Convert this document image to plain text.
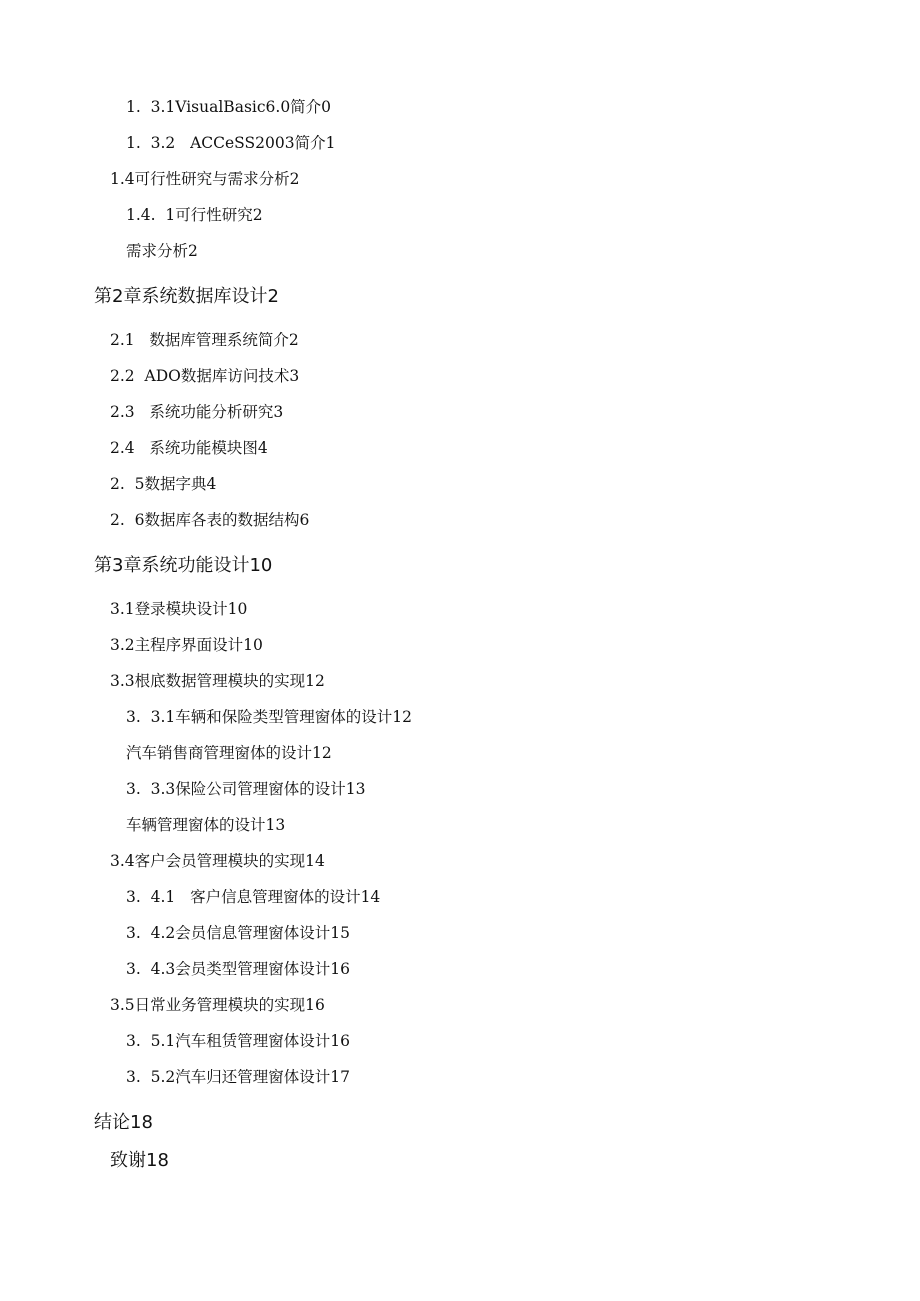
1.  3.1VisualBasic6.0简介0
1.  3.2   ACCeSS2003简介1
1.4可行性研究与需求分析2
1.4.  1可行性研究2
需求分析2
第2章系统数据库设计2
2.1   数据库管理系统简介2
2.2  ADO数据库访问技术3
2.3   系统功能分析研究3
2.4   系统功能模块图4
2.  5数据字典4
2.  6数据库各表的数据结构6
第3章系统功能设计10
3.1登录模块设计10
3.2主程序界面设计10
3.3根底数据管理模块的实现12
3.  3.1车辆和保险类型管理窗体的设计12
汽车销售商管理窗体的设计12
3.  3.3保险公司管理窗体的设计13
车辆管理窗体的设计13
3.4客户会员管理模块的实现14
3.  4.1   客户信息管理窗体的设计14
3.  4.2会员信息管理窗体设计15
3.  4.3会员类型管理窗体设计16
3.5日常业务管理模块的实现16
3.  5.1汽车租赁管理窗体设计16
3.  5.2汽车归还管理窗体设计17
结论18
致谢18
